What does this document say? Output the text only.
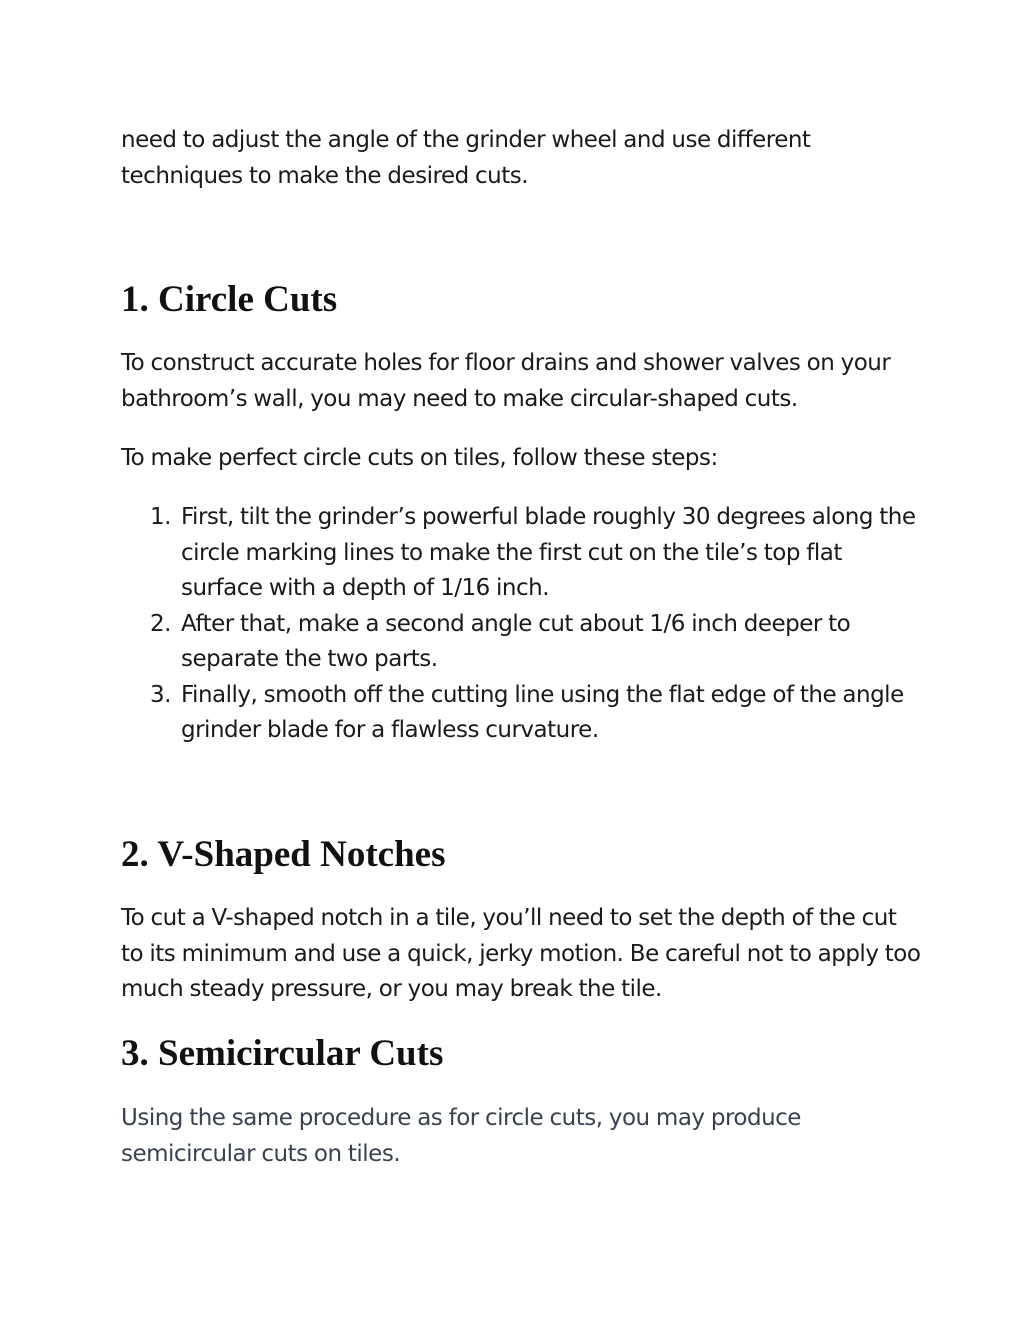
need to adjust the angle of the grinder wheel and use different techniques to make the desired cuts.

1. Circle Cuts

To construct accurate holes for floor drains and shower valves on your bathroom’s wall, you may need to make circular-shaped cuts.

To make perfect circle cuts on tiles, follow these steps:

1. First, tilt the grinder’s powerful blade roughly 30 degrees along the circle marking lines to make the first cut on the tile’s top flat surface with a depth of 1/16 inch.
2. After that, make a second angle cut about 1/6 inch deeper to separate the two parts.
3. Finally, smooth off the cutting line using the flat edge of the angle grinder blade for a flawless curvature.
2. V-Shaped Notches

To cut a V-shaped notch in a tile, you’ll need to set the depth of the cut to its minimum and use a quick, jerky motion. Be careful not to apply too much steady pressure, or you may break the tile.

3. Semicircular Cuts

Using the same procedure as for circle cuts, you may produce semicircular cuts on tiles.
